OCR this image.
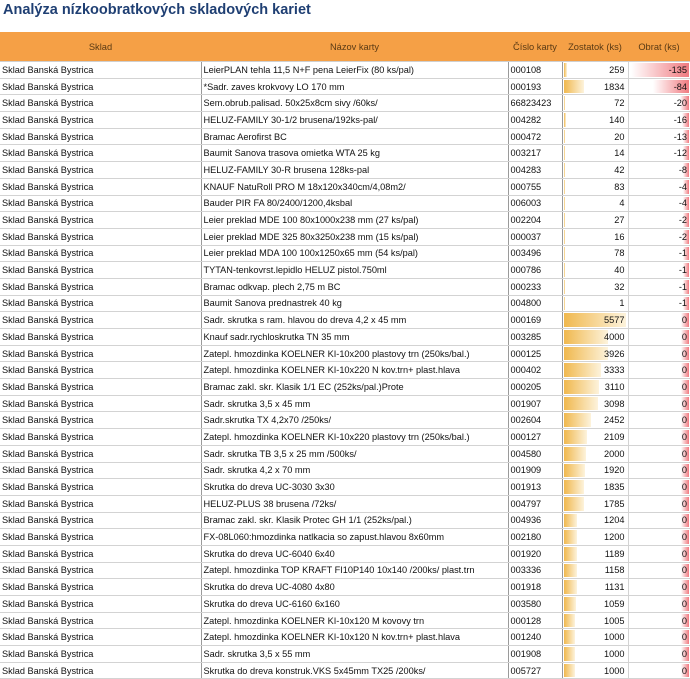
Analýza nízkoobratkových skladových kariet
Sklad	Názov karty	Číslo karty	Zostatok (ks)	Obrat (ks)
Sklad Banská Bystrica	LeierPLAN tehla 11,5 N+F pena LeierFix (80 ks/pal)	000108	259	-135
Sklad Banská Bystrica	*Sadr. zaves krokvovy LO 170 mm	000193	1834	-84
Sklad Banská Bystrica	Sem.obrub.palisad. 50x25x8cm sivy /60ks/	66823423	72	-20
Sklad Banská Bystrica	HELUZ-FAMILY 30-1/2 brusena/192ks-pal/	004282	140	-16
Sklad Banská Bystrica	Bramac Aerofirst BC	000472	20	-13
Sklad Banská Bystrica	Baumit Sanova trasova omietka WTA 25 kg	003217	14	-12
Sklad Banská Bystrica	HELUZ-FAMILY 30-R brusena 128ks-pal	004283	42	-8
Sklad Banská Bystrica	KNAUF NatuRoll PRO M 18x120x340cm/4,08m2/	000755	83	-4
Sklad Banská Bystrica	Bauder PIR FA 80/2400/1200,4ksbal	006003	4	-4
Sklad Banská Bystrica	Leier preklad MDE 100 80x1000x238 mm (27 ks/pal)	002204	27	-2
Sklad Banská Bystrica	Leier preklad MDE 325 80x3250x238 mm (15 ks/pal)	000037	16	-2
Sklad Banská Bystrica	Leier preklad MDA 100 100x1250x65 mm (54 ks/pal)	003496	78	-1
Sklad Banská Bystrica	TYTAN-tenkovrst.lepidlo HELUZ pistol.750ml	000786	40	-1
Sklad Banská Bystrica	Bramac odkvap. plech 2,75 m BC	000233	32	-1
Sklad Banská Bystrica	Baumit Sanova prednastrek 40 kg	004800	1	-1
Sklad Banská Bystrica	Sadr. skrutka s ram. hlavou do dreva 4,2 x 45 mm	000169	5577	0
Sklad Banská Bystrica	Knauf sadr.rychloskrutka TN 35 mm	003285	4000	0
Sklad Banská Bystrica	Zatepl. hmozdinka KOELNER KI-10x200 plastovy trn (250ks/bal.)	000125	3926	0
Sklad Banská Bystrica	Zatepl. hmozdinka KOELNER KI-10x220 N kov.trn+ plast.hlava	000402	3333	0
Sklad Banská Bystrica	Bramac zakl. skr. Klasik 1/1 EC (252ks/pal.)Prote	000205	3110	0
Sklad Banská Bystrica	Sadr. skrutka 3,5 x 45 mm	001907	3098	0
Sklad Banská Bystrica	Sadr.skrutka TX 4,2x70 /250ks/	002604	2452	0
Sklad Banská Bystrica	Zatepl. hmozdinka KOELNER KI-10x220 plastovy trn (250ks/bal.)	000127	2109	0
Sklad Banská Bystrica	Sadr. skrutka TB 3,5 x 25 mm /500ks/	004580	2000	0
Sklad Banská Bystrica	Sadr. skrutka 4,2 x 70 mm	001909	1920	0
Sklad Banská Bystrica	Skrutka do dreva UC-3030 3x30	001913	1835	0
Sklad Banská Bystrica	HELUZ-PLUS 38 brusena /72ks/	004797	1785	0
Sklad Banská Bystrica	Bramac zakl. skr. Klasik Protec GH 1/1 (252ks/pal.)	004936	1204	0
Sklad Banská Bystrica	FX-08L060:hmozdinka natlkacia so zapust.hlavou 8x60mm	002180	1200	0
Sklad Banská Bystrica	Skrutka do dreva UC-6040 6x40	001920	1189	0
Sklad Banská Bystrica	Zatepl. hmozdinka TOP KRAFT FI10P140 10x140 /200ks/ plast.trn	003336	1158	0
Sklad Banská Bystrica	Skrutka do dreva UC-4080 4x80	001918	1131	0
Sklad Banská Bystrica	Skrutka do dreva UC-6160 6x160	003580	1059	0
Sklad Banská Bystrica	Zatepl. hmozdinka KOELNER KI-10x120 M kovovy trn	000128	1005	0
Sklad Banská Bystrica	Zatepl. hmozdinka KOELNER KI-10x120 N kov.trn+ plast.hlava	001240	1000	0
Sklad Banská Bystrica	Sadr. skrutka 3,5 x 55 mm	001908	1000	0
Sklad Banská Bystrica	Skrutka do dreva konstruk.VKS 5x45mm TX25 /200ks/	005727	1000	0
